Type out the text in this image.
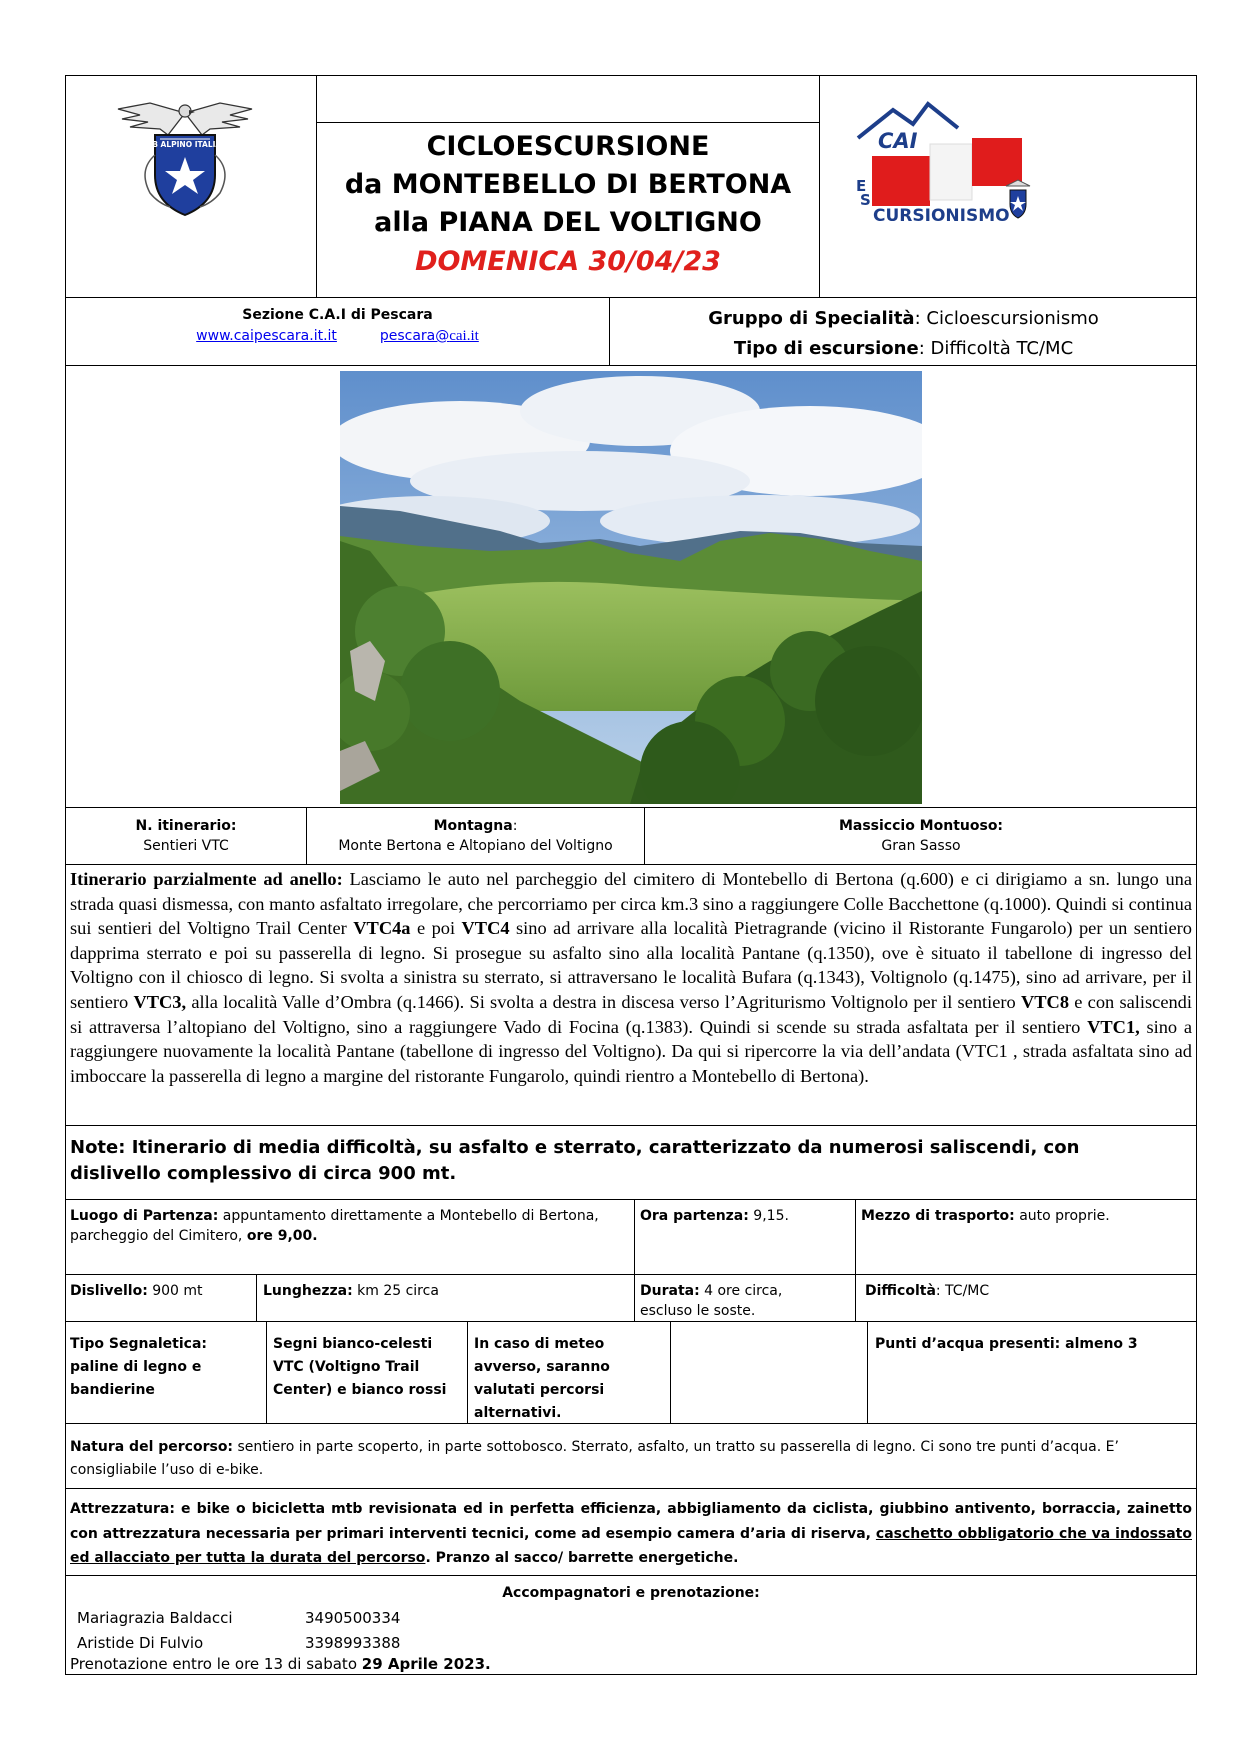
CLUB ALPINO ITALIANO	CICLOESCURSIONE
da MONTEBELLO DI BERTONA
alla PIANA DEL VOLTIGNO
DOMENICA 30/04/23
CAI
E
S
CURSIONISMO
Sezione C.A.I di Pescara
www.caipescara.it.it	pescara@cai.it
Gruppo di Specialità: Cicloescursionismo
Tipo di escursione: Difficoltà TC/MC
N. itinerario:
Sentieri VTC
Montagna:
Monte Bertona e Altopiano del Voltigno
Massiccio Montuoso:
Gran Sasso
Itinerario parzialmente ad anello: Lasciamo le auto nel parcheggio del cimitero di Montebello di Bertona (q.600) e ci dirigiamo a sn. lungo una strada quasi dismessa, con manto asfaltato irregolare, che percorriamo per circa km.3 sino a raggiungere Colle Bacchettone (q.1000). Quindi si continua sui sentieri del Voltigno Trail Center VTC4a e poi VTC4 sino ad arrivare alla località Pietragrande (vicino il Ristorante Fungarolo) per un sentiero dapprima sterrato e poi su passerella di legno. Si prosegue su asfalto sino alla località Pantane (q.1350), ove è situato il tabellone di ingresso del Voltigno con il chiosco di legno. Si svolta a sinistra su sterrato, si attraversano le località Bufara (q.1343), Voltignolo (q.1475), sino ad arrivare, per il sentiero VTC3, alla località Valle d’Ombra (q.1466). Si svolta a destra in discesa verso l’Agriturismo Voltignolo per il sentiero VTC8 e con saliscendi si attraversa l’altopiano del Voltigno, sino a raggiungere Vado di Focina (q.1383). Quindi si scende su strada asfaltata per il sentiero VTC1, sino a raggiungere nuovamente la località Pantane (tabellone di ingresso del Voltigno). Da qui si ripercorre la via dell’andata (VTC1 , strada asfaltata sino ad imboccare la passerella di legno a margine del ristorante Fungarolo, quindi rientro a Montebello di Bertona).
Note: Itinerario di media difficoltà, su asfalto e sterrato, caratterizzato da numerosi saliscendi, con dislivello complessivo di circa 900 mt.
Luogo di Partenza: appuntamento direttamente a Montebello di Bertona, parcheggio del Cimitero, ore 9,00.
Ora partenza: 9,15.	Mezzo di trasporto: auto proprie.
Dislivello: 900 mt	Lunghezza: km 25 circa	Durata: 4 ore circa, escluso le soste.
Difficoltà: TC/MC
Tipo Segnaletica: paline di legno e bandierine
Segni bianco-celesti VTC (Voltigno Trail Center) e bianco rossi
In caso di meteo avverso, saranno valutati percorsi alternativi.
Punti d’acqua presenti: almeno 3
Natura del percorso: sentiero in parte scoperto, in parte sottobosco. Sterrato, asfalto, un tratto su passerella di legno. Ci sono tre punti d’acqua. E’ consigliabile l’uso di e-bike.
Attrezzatura: e bike o bicicletta mtb revisionata ed in perfetta efficienza, abbigliamento da ciclista, giubbino antivento, borraccia, zainetto con attrezzatura necessaria per primari interventi tecnici, come ad esempio camera d’aria di riserva, caschetto obbligatorio che va indossato ed allacciato per tutta la durata del percorso. Pranzo al sacco/ barrette energetiche.
Accompagnatori e prenotazione:
Mariagrazia Baldacci	3490500334
Aristide Di Fulvio	3398993388
Prenotazione entro le ore 13 di sabato 29 Aprile 2023.
